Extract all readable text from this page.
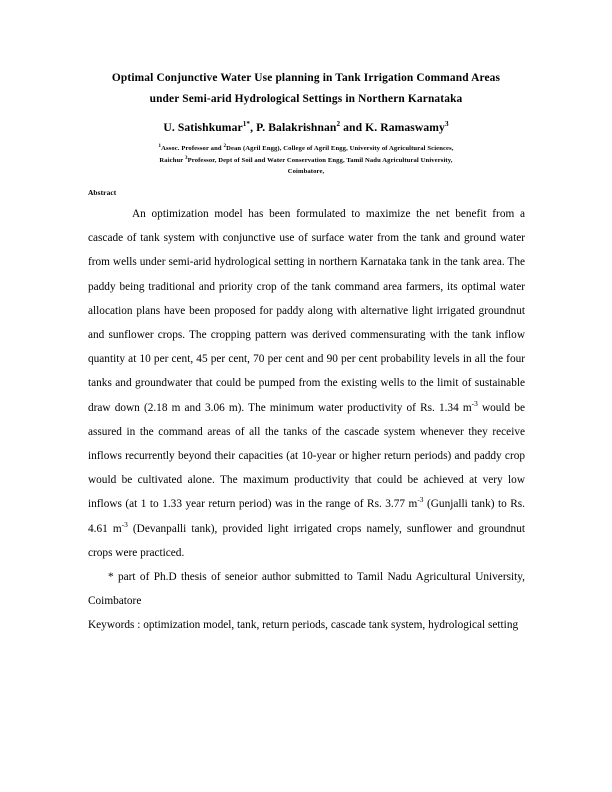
Optimal Conjunctive Water Use planning in Tank Irrigation Command Areas
under Semi-arid Hydrological Settings in Northern Karnataka
U. Satishkumar$^{1*}$, P. Balakrishnan$^2$ and K. Ramaswamy$^3$
$^1$Assoc. Professor and $^2$Dean (Agril Engg), College of Agril Engg, University of Agricultural Sciences,
Raichur $^3$Professor, Dept of Soil and Water Conservation Engg, Tamil Nadu Agricultural University,
Coimbatore,
Abstract

An optimization model has been formulated to maximize the net benefit from a cascade of tank system with conjunctive use of surface water from the tank and ground water from wells under semi-arid hydrological setting in northern Karnataka tank in the tank area. The paddy being traditional and priority crop of the tank command area farmers, its optimal water allocation plans have been proposed for paddy along with alternative light irrigated groundnut and sunflower crops. The cropping pattern was derived commensurating with the tank inflow quantity at 10 per cent, 45 per cent, 70 per cent and 90 per cent probability levels in all the four tanks and groundwater that could be pumped from the existing wells to the limit of sustainable draw down (2.18 m and 3.06 m). The minimum water productivity of Rs. 1.34 $m^{-3}$ would be assured in the command areas of all the tanks of the cascade system whenever they receive inflows recurrently beyond their capacities (at 10-year or higher return periods) and paddy crop would be cultivated alone. The maximum productivity that could be achieved at very low inflows (at 1 to 1.33 year return period) was in the range of Rs. 3.77 $m^{-3}$ (Gunjalli tank) to Rs. 4.61 $m^{-3}$ (Devanpalli tank), provided light irrigated crops namely, sunflower and groundnut crops were practiced.

* part of Ph.D thesis of seneior author submitted to Tamil Nadu Agricultural University, Coimbatore

Keywords : optimization model, tank, return periods, cascade tank system, hydrological setting
